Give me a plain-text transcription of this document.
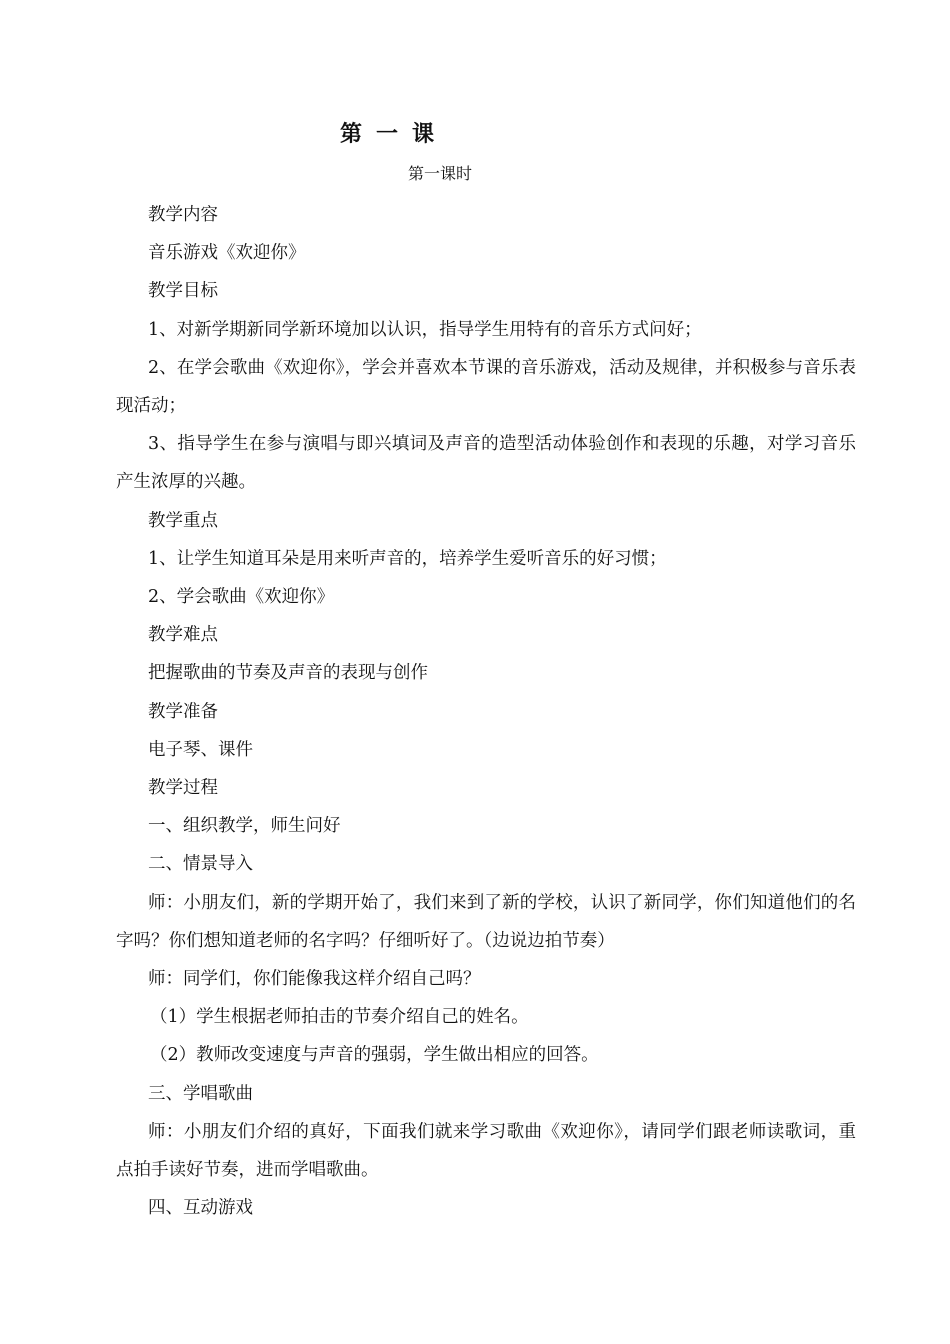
第一课
第一课时

教学内容

音乐游戏《欢迎你》

教学目标

1、对新学期新同学新环境加以认识，指导学生用特有的音乐方式问好；

2、在学会歌曲《欢迎你》，学会并喜欢本节课的音乐游戏，活动及规律，并积极参与音乐表现活动；

3、指导学生在参与演唱与即兴填词及声音的造型活动体验创作和表现的乐趣，对学习音乐产生浓厚的兴趣。

教学重点

1、让学生知道耳朵是用来听声音的，培养学生爱听音乐的好习惯；

2、学会歌曲《欢迎你》

教学难点

把握歌曲的节奏及声音的表现与创作

教学准备

电子琴、课件

教学过程

一、组织教学，师生问好

二、情景导入

师：小朋友们，新的学期开始了，我们来到了新的学校，认识了新同学，你们知道他们的名字吗？你们想知道老师的名字吗？仔细听好了。（边说边拍节奏）

师：同学们，你们能像我这样介绍自己吗？

（1）学生根据老师拍击的节奏介绍自己的姓名。

（2）教师改变速度与声音的强弱，学生做出相应的回答。

三、学唱歌曲

师：小朋友们介绍的真好，下面我们就来学习歌曲《欢迎你》，请同学们跟老师读歌词，重点拍手读好节奏，进而学唱歌曲。

四、互动游戏
